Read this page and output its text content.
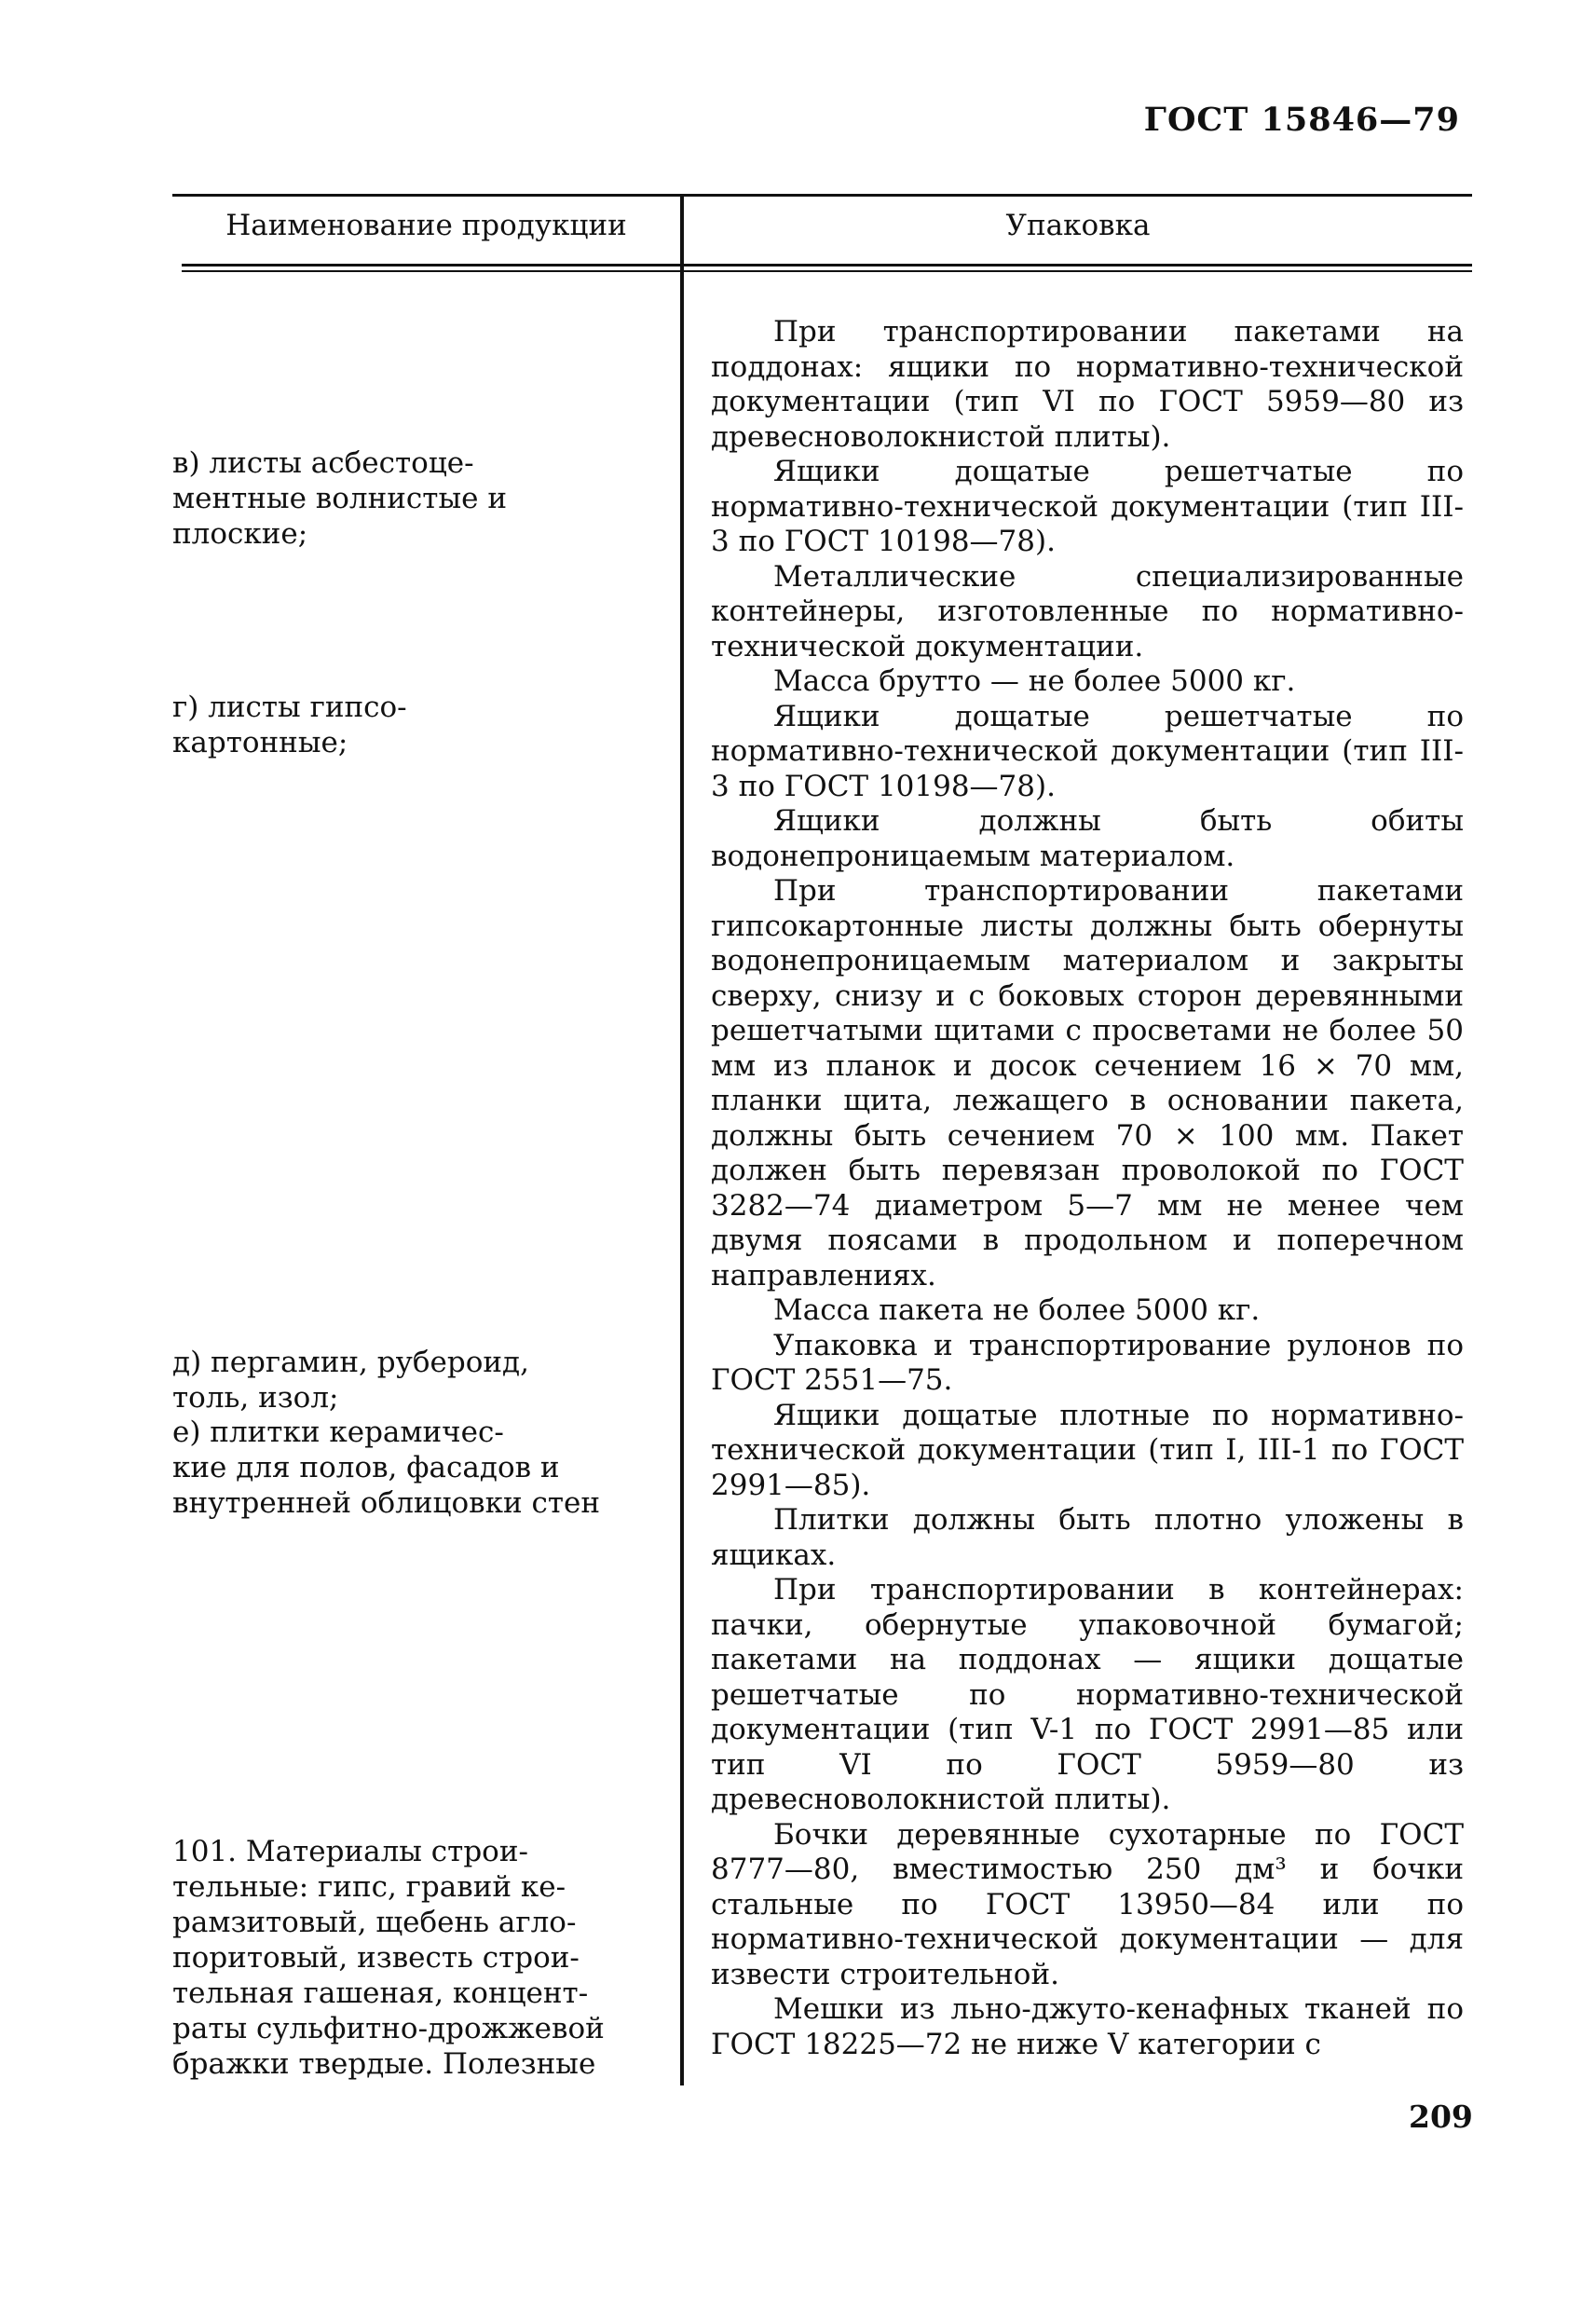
ГОСТ 15846—79
Наименование продукции	Упаковка
в) листы асбестоце-
ментные волнистые и
плоские;
г) листы гипсо-
картонные;
д) пергамин, рубероид,
толь, изол;
е) плитки керамичес-
кие для полов, фасадов и
внутренней облицовки стен
101. Материалы строи-
тельные: гипс, гравий ке-
рамзитовый, щебень агло-
поритовый, известь строи-
тельная гашеная, концент-
раты сульфитно-дрожжевой
бражки твердые. Полезные

При транспортировании пакетами на поддонах: ящики по нормативно-технической документации (тип VI по ГОСТ 5959—80 из древесноволокнистой плиты).

Ящики дощатые решетчатые по нормативно-технической документации (тип III-3 по ГОСТ 10198—78).

Металлические специализированные контейнеры, изготовленные по нормативно-технической документации.

Масса брутто — не более 5000 кг.

Ящики дощатые решетчатые по нормативно-технической документации (тип III-3 по ГОСТ 10198—78).

Ящики должны быть обиты водонепроницаемым материалом.

При транспортировании пакетами гипсокартонные листы должны быть обернуты водонепроницаемым материалом и закрыты сверху, снизу и с боковых сторон деревянными решетчатыми щитами с просветами не более 50 мм из планок и досок сечением 16 × 70 мм, планки щита, лежащего в основании пакета, должны быть сечением 70 × 100 мм. Пакет должен быть перевязан проволокой по ГОСТ 3282—74 диаметром 5—7 мм не менее чем двумя поясами в продольном и поперечном направлениях.

Масса пакета не более 5000 кг.

Упаковка и транспортирование рулонов по ГОСТ 2551—75.

Ящики дощатые плотные по нормативно-технической документации (тип I, III-1 по ГОСТ 2991—85).

Плитки должны быть плотно уложены в ящиках.

При транспортировании в контейнерах: пачки, обернутые упаковочной бумагой; пакетами на поддонах — ящики дощатые решетчатые по нормативно-технической документации (тип V-1 по ГОСТ 2991—85 или тип VI по ГОСТ 5959—80 из древесноволокнистой плиты).

Бочки деревянные сухотарные по ГОСТ 8777—80, вместимостью 250 дм³ и бочки стальные по ГОСТ 13950—84 или по нормативно-технической документации — для извести строительной.

Мешки из льно-джуто-кенафных тканей по ГОСТ 18225—72 не ниже V категории с

209
